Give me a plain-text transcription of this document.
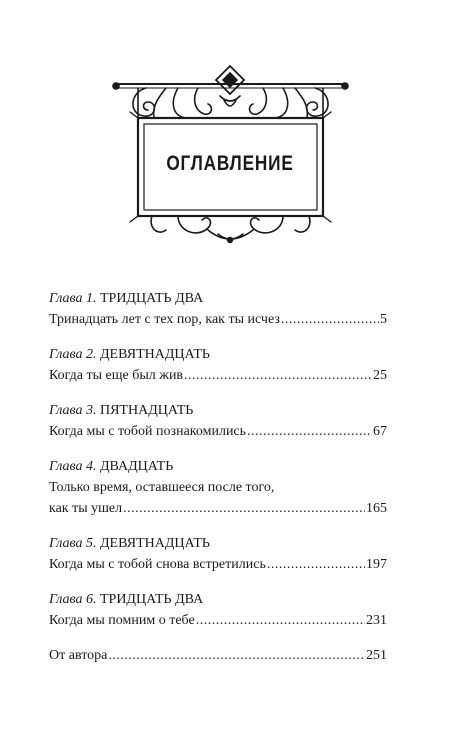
ОГЛАВЛЕНИЕ
Глава 1. ТРИДЦАТЬ ДВА
Тринадцать лет с тех пор, как ты исчез .....	5
Глава 2. ДЕВЯТНАДЦАТЬ
Когда ты еще был жив .....	25
Глава 3. ПЯТНАДЦАТЬ
Когда мы с тобой познакомились .....	67
Глава 4. ДВАДЦАТЬ
Только время, оставшееся после того,
как ты ушел .....	165
Глава 5. ДЕВЯТНАДЦАТЬ
Когда мы с тобой снова встретились .....	197
Глава 6. ТРИДЦАТЬ ДВА
Когда мы помним о тебе .....	231
От автора .....	251
